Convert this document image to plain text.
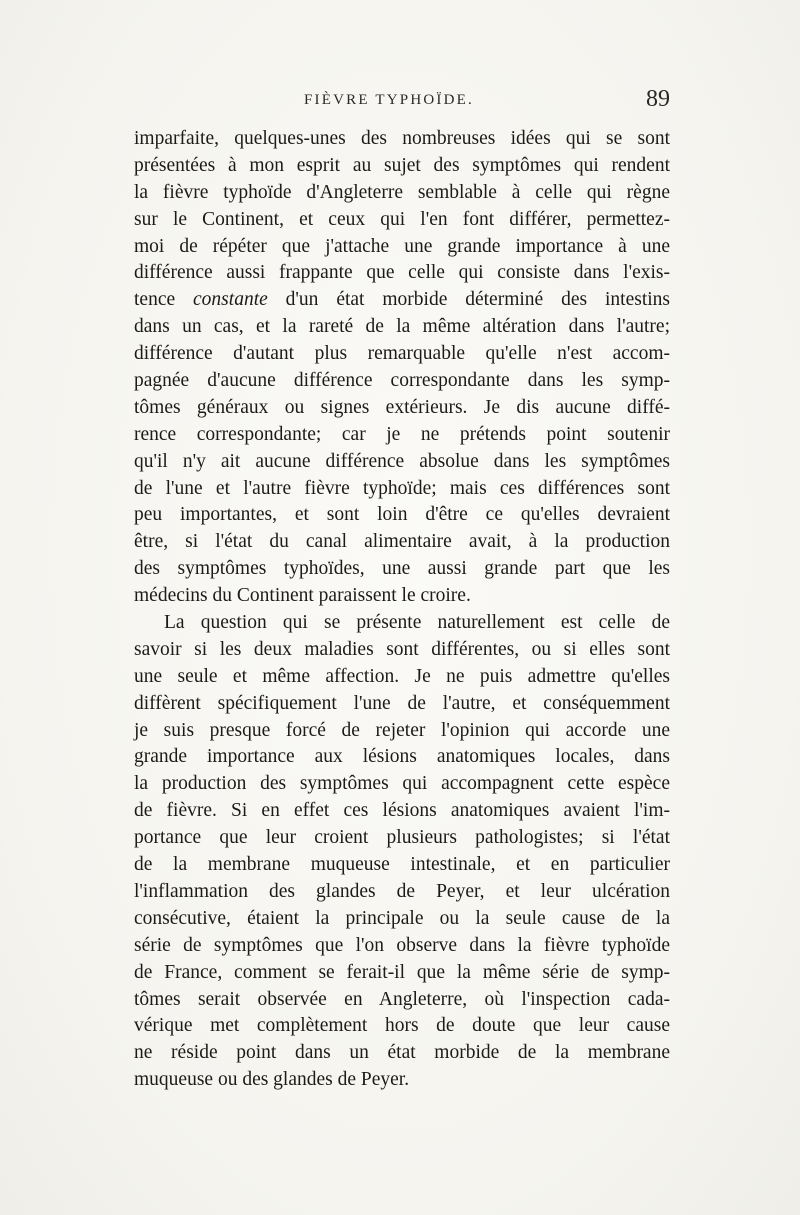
FIÈVRE TYPHOÏDE.	89
imparfaite, quelques-unes des nombreuses idées qui se sont
présentées à mon esprit au sujet des symptômes qui rendent
la fièvre typhoïde d'Angleterre semblable à celle qui règne
sur le Continent, et ceux qui l'en font différer, permettez-
moi de répéter que j'attache une grande importance à une
différence aussi frappante que celle qui consiste dans l'exis-
tence constante d'un état morbide déterminé des intestins
dans un cas, et la rareté de la même altération dans l'autre;
différence d'autant plus remarquable qu'elle n'est accom-
pagnée d'aucune différence correspondante dans les symp-
tômes généraux ou signes extérieurs. Je dis aucune diffé-
rence correspondante; car je ne prétends point soutenir
qu'il n'y ait aucune différence absolue dans les symptômes
de l'une et l'autre fièvre typhoïde; mais ces différences sont
peu importantes, et sont loin d'être ce qu'elles devraient
être, si l'état du canal alimentaire avait, à la production
des symptômes typhoïdes, une aussi grande part que les
médecins du Continent paraissent le croire.
La question qui se présente naturellement est celle de
savoir si les deux maladies sont différentes, ou si elles sont
une seule et même affection. Je ne puis admettre qu'elles
diffèrent spécifiquement l'une de l'autre, et conséquemment
je suis presque forcé de rejeter l'opinion qui accorde une
grande importance aux lésions anatomiques locales, dans
la production des symptômes qui accompagnent cette espèce
de fièvre. Si en effet ces lésions anatomiques avaient l'im-
portance que leur croient plusieurs pathologistes; si l'état
de la membrane muqueuse intestinale, et en particulier
l'inflammation des glandes de Peyer, et leur ulcération
consécutive, étaient la principale ou la seule cause de la
série de symptômes que l'on observe dans la fièvre typhoïde
de France, comment se ferait-il que la même série de symp-
tômes serait observée en Angleterre, où l'inspection cada-
vérique met complètement hors de doute que leur cause
ne réside point dans un état morbide de la membrane
muqueuse ou des glandes de Peyer.
